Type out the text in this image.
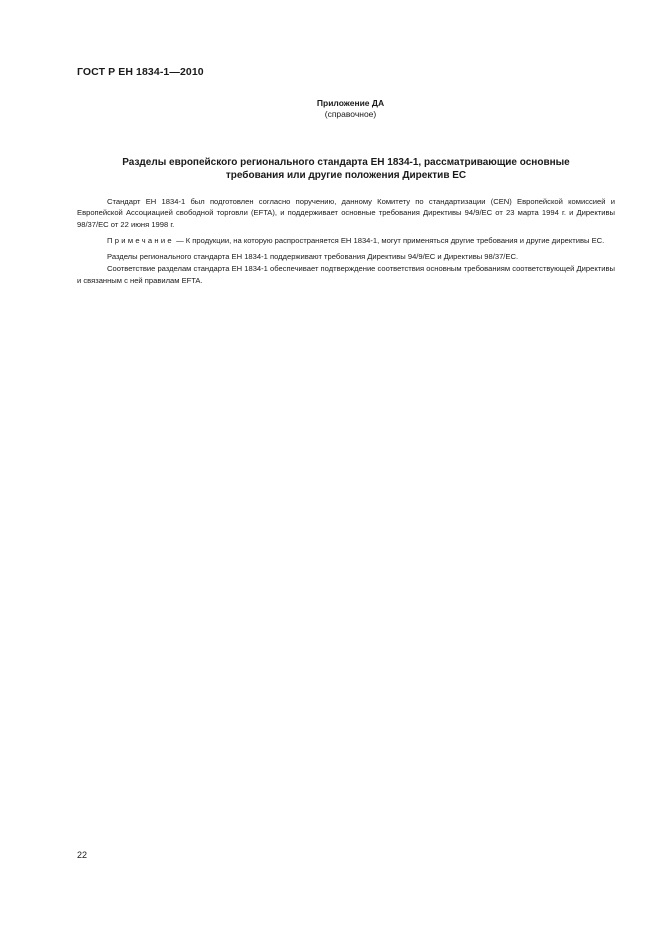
ГОСТ Р ЕН 1834-1—2010
Приложение ДА
(справочное)
Разделы европейского регионального стандарта ЕН 1834-1, рассматривающие основные
требования или другие положения Директив ЕС

Стандарт ЕН 1834-1 был подготовлен согласно поручению, данному Комитету по стандартизации (CEN) Европейской комиссией и Европейской Ассоциацией свободной торговли (EFTA), и поддерживает основные требования Директивы 94/9/ЕС от 23 марта 1994 г. и Директивы 98/37/ЕС от 22 июня 1998 г.

Примечание — К продукции, на которую распространяется ЕН 1834-1, могут применяться другие требования и другие директивы ЕС.

Разделы регионального стандарта ЕН 1834-1 поддерживают требования Директивы 94/9/ЕС и Директивы 98/37/ЕС.

Соответствие разделам стандарта ЕН 1834-1 обеспечивает подтверждение соответствия основным требованиям соответствующей Директивы и связанным с ней правилам EFTA.

22
